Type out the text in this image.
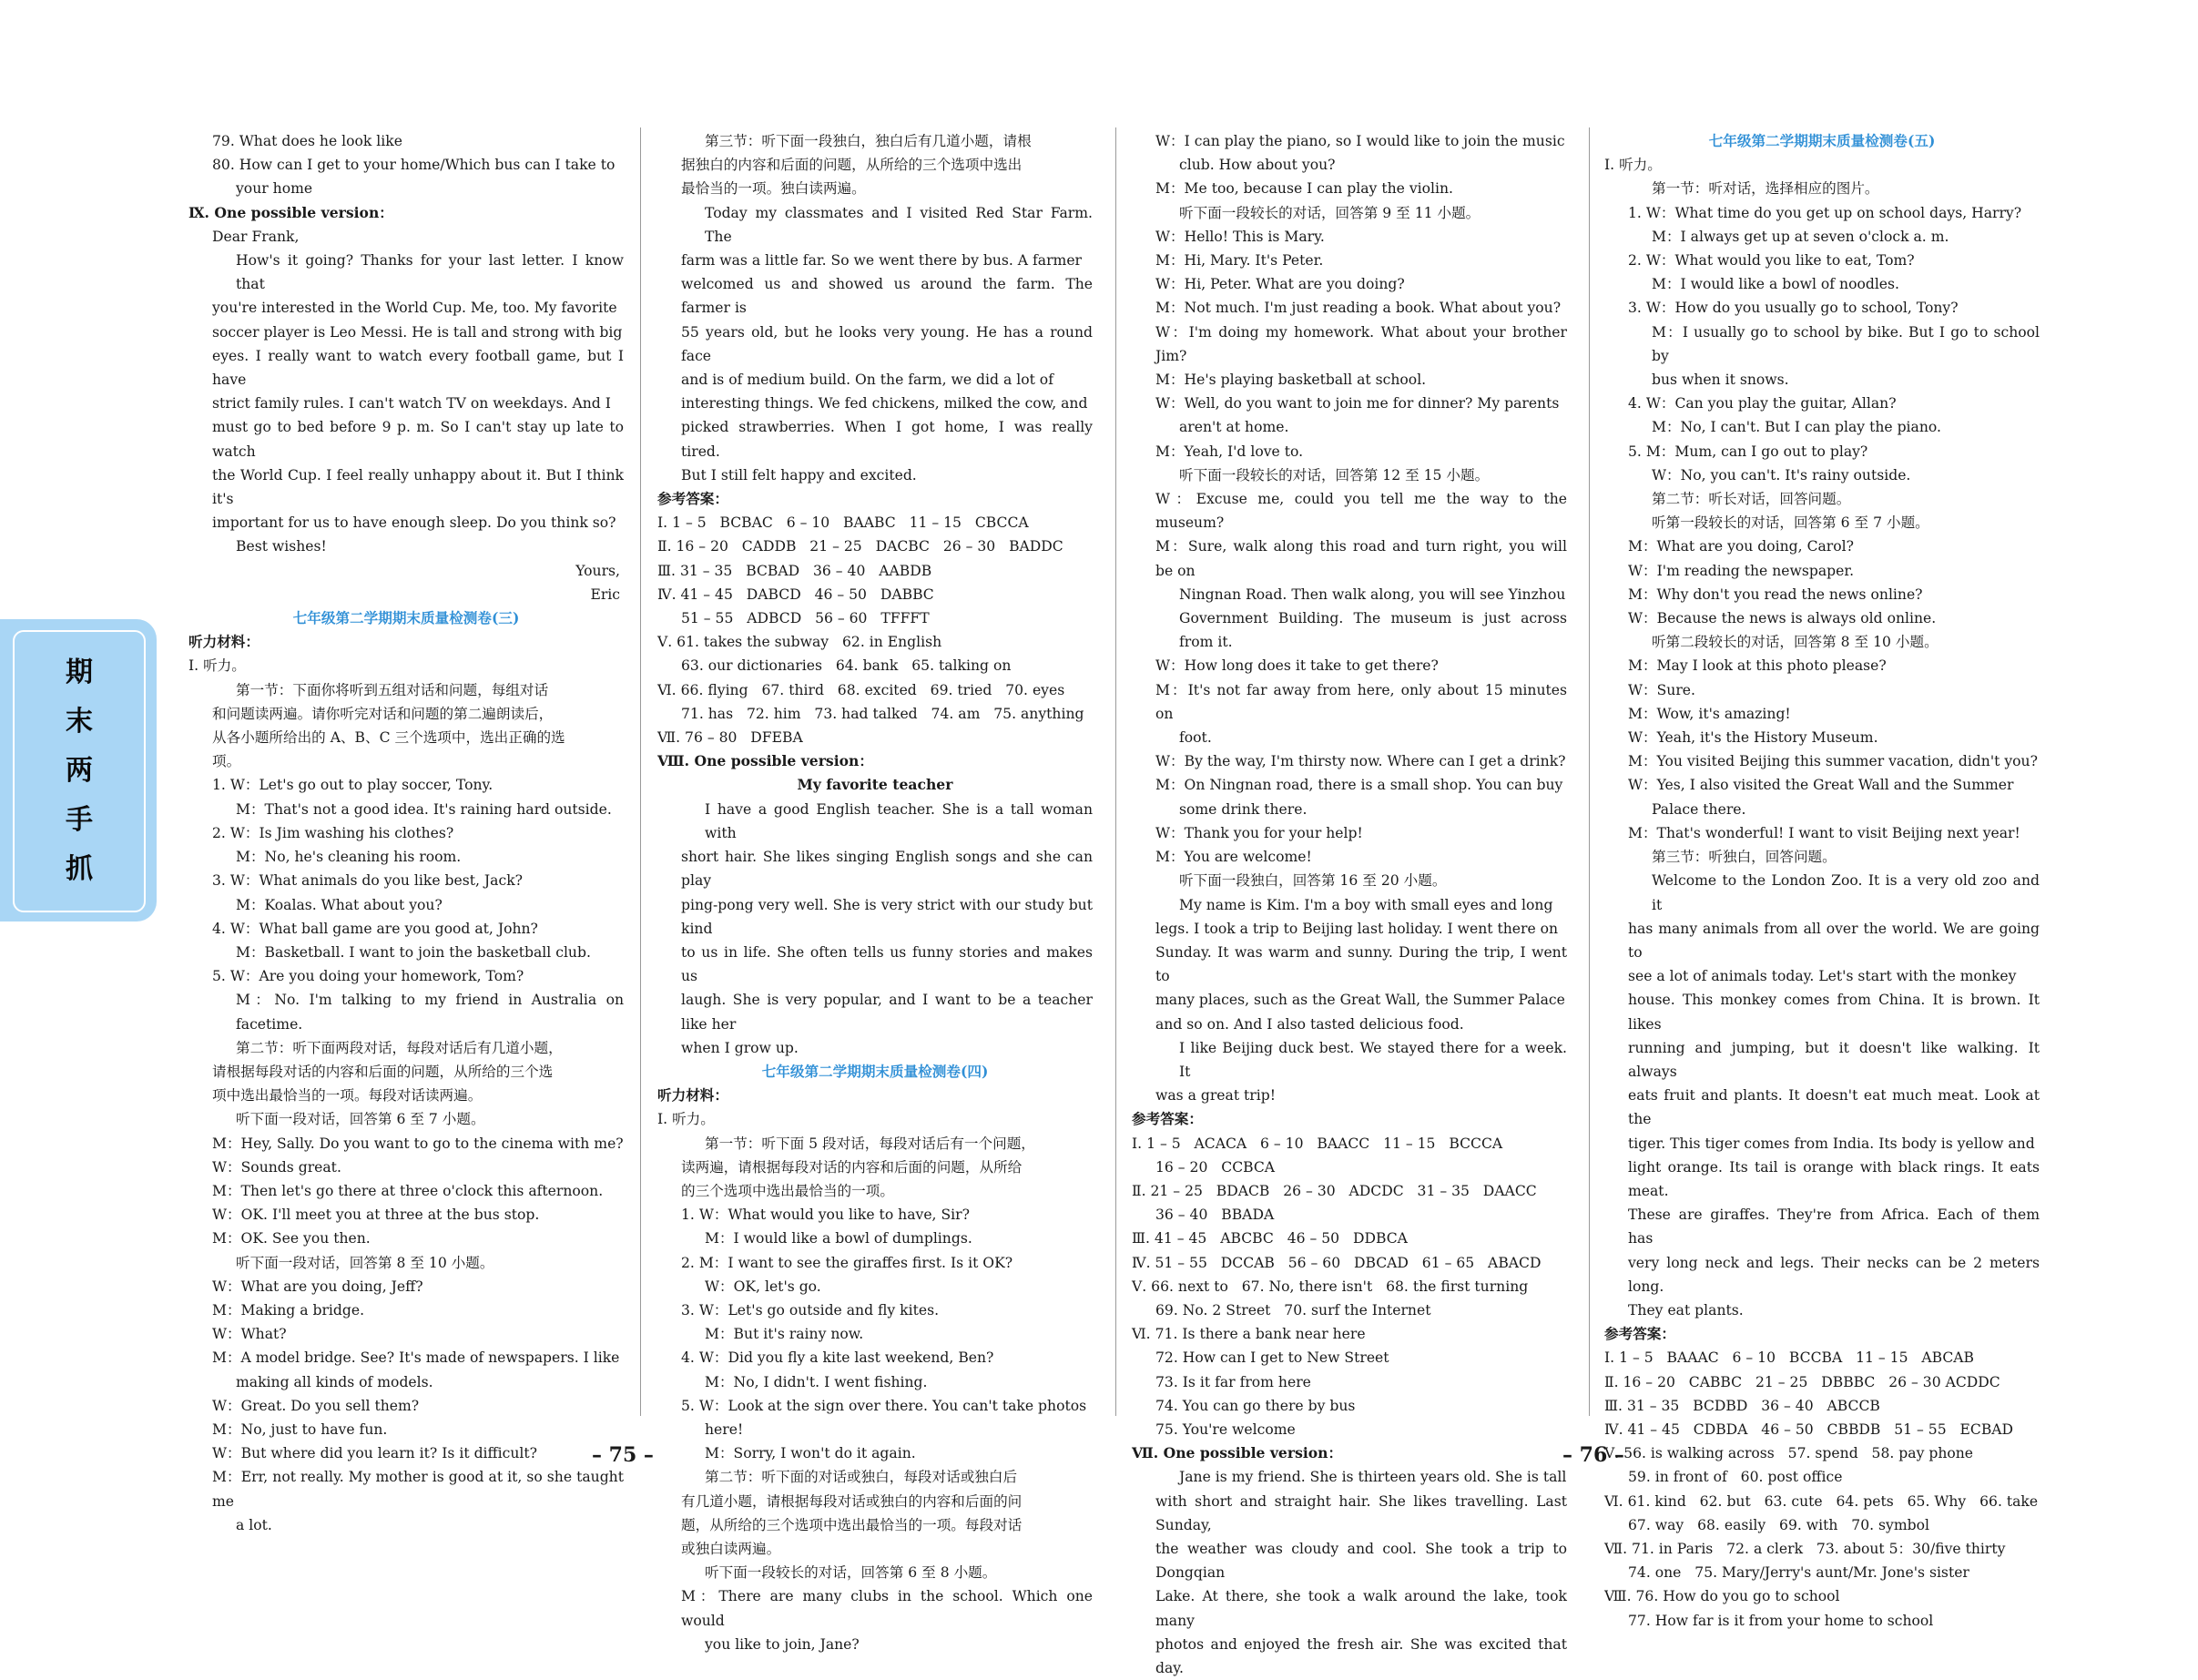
期
末
两
手
抓
79. What does he look like
80. How can I get to your home/Which bus can I take to
your home
Ⅸ. One possible version：
Dear Frank,
How's it going? Thanks for your last letter. I know that
you're interested in the World Cup. Me, too. My favorite
soccer player is Leo Messi. He is tall and strong with big
eyes. I really want to watch every football game, but I have
strict family rules. I can't watch TV on weekdays. And I
must go to bed before 9 p. m. So I can't stay up late to watch
the World Cup. I feel really unhappy about it. But I think it's
important for us to have enough sleep. Do you think so?
Best wishes!
Yours,
Eric
七年级第二学期期末质量检测卷(三)
听力材料：
Ⅰ. 听力。
第一节：下面你将听到五组对话和问题，每组对话
和问题读两遍。请你听完对话和问题的第二遍朗读后，
从各小题所给出的 A、B、C 三个选项中，选出正确的选
项。
1. W：Let's go out to play soccer, Tony.
M：That's not a good idea. It's raining hard outside.
2. W：Is Jim washing his clothes?
M：No, he's cleaning his room.
3. W：What animals do you like best, Jack?
M：Koalas. What about you?
4. W：What ball game are you good at, John?
M：Basketball. I want to join the basketball club.
5. W：Are you doing your homework, Tom?
M：No. I'm talking to my friend in Australia on facetime.
第二节：听下面两段对话，每段对话后有几道小题，
请根据每段对话的内容和后面的问题，从所给的三个选
项中选出最恰当的一项。每段对话读两遍。
听下面一段对话，回答第 6 至 7 小题。
M：Hey, Sally. Do you want to go to the cinema with me?
W：Sounds great.
M：Then let's go there at three o'clock this afternoon.
W：OK. I'll meet you at three at the bus stop.
M：OK. See you then.
听下面一段对话，回答第 8 至 10 小题。
W：What are you doing, Jeff?
M：Making a bridge.
W：What?
M：A model bridge. See? It's made of newspapers. I like
making all kinds of models.
W：Great. Do you sell them?
M：No, just to have fun.
W：But where did you learn it? Is it difficult?
M：Err, not really. My mother is good at it, so she taught me
a lot.
第三节：听下面一段独白，独白后有几道小题，请根
据独白的内容和后面的问题，从所给的三个选项中选出
最恰当的一项。独白读两遍。
Today my classmates and I visited Red Star Farm. The
farm was a little far. So we went there by bus. A farmer
welcomed us and showed us around the farm. The farmer is
55 years old, but he looks very young. He has a round face
and is of medium build. On the farm, we did a lot of
interesting things. We fed chickens, milked the cow, and
picked strawberries. When I got home, I was really tired.
But I still felt happy and excited.
参考答案：
Ⅰ. 1 – 5   BCBAC   6 – 10   BAABC   11 – 15   CBCCA
Ⅱ. 16 – 20   CADDB   21 – 25   DACBC   26 – 30   BADDC
Ⅲ. 31 – 35   BCBAD   36 – 40   AABDB
Ⅳ. 41 – 45   DABCD   46 – 50   DABBC
51 – 55   ADBCD   56 – 60   TFFFT
Ⅴ. 61. takes the subway   62. in English
63. our dictionaries   64. bank   65. talking on
Ⅵ. 66. flying   67. third   68. excited   69. tried   70. eyes
71. has   72. him   73. had talked   74. am   75. anything
Ⅶ. 76 – 80   DFEBA
Ⅷ. One possible version：
My favorite teacher
I have a good English teacher. She is a tall woman with
short hair. She likes singing English songs and she can play
ping-pong very well. She is very strict with our study but kind
to us in life. She often tells us funny stories and makes us
laugh. She is very popular, and I want to be a teacher like her
when I grow up.
七年级第二学期期末质量检测卷(四)
听力材料：
Ⅰ. 听力。
第一节：听下面 5 段对话，每段对话后有一个问题，
读两遍，请根据每段对话的内容和后面的问题，从所给
的三个选项中选出最恰当的一项。
1. W：What would you like to have, Sir?
M：I would like a bowl of dumplings.
2. M：I want to see the giraffes first. Is it OK?
W：OK, let's go.
3. W：Let's go outside and fly kites.
M：But it's rainy now.
4. W：Did you fly a kite last weekend, Ben?
M：No, I didn't. I went fishing.
5. W：Look at the sign over there. You can't take photos
here!
M：Sorry, I won't do it again.
第二节：听下面的对话或独白，每段对话或独白后
有几道小题，请根据每段对话或独白的内容和后面的问
题，从所给的三个选项中选出最恰当的一项。每段对话
或独白读两遍。
听下面一段较长的对话，回答第 6 至 8 小题。
M：There are many clubs in the school. Which one would
you like to join, Jane?
W：I can play the piano, so I would like to join the music
club. How about you?
M：Me too, because I can play the violin.
听下面一段较长的对话，回答第 9 至 11 小题。
W：Hello! This is Mary.
M：Hi, Mary. It's Peter.
W：Hi, Peter. What are you doing?
M：Not much. I'm just reading a book. What about you?
W：I'm doing my homework. What about your brother Jim?
M：He's playing basketball at school.
W：Well, do you want to join me for dinner? My parents
aren't at home.
M：Yeah, I'd love to.
听下面一段较长的对话，回答第 12 至 15 小题。
W：Excuse me, could you tell me the way to the museum?
M：Sure, walk along this road and turn right, you will be on
Ningnan Road. Then walk along, you will see Yinzhou
Government Building. The museum is just across from it.
W：How long does it take to get there?
M：It's not far away from here, only about 15 minutes on
foot.
W：By the way, I'm thirsty now. Where can I get a drink?
M：On Ningnan road, there is a small shop. You can buy
some drink there.
W：Thank you for your help!
M：You are welcome!
听下面一段独白，回答第 16 至 20 小题。
My name is Kim. I'm a boy with small eyes and long
legs. I took a trip to Beijing last holiday. I went there on
Sunday. It was warm and sunny. During the trip, I went to
many places, such as the Great Wall, the Summer Palace
and so on. And I also tasted delicious food.
I like Beijing duck best. We stayed there for a week. It
was a great trip!
参考答案：
Ⅰ. 1 – 5   ACACA   6 – 10   BAACC   11 – 15   BCCCA
16 – 20   CCBCA
Ⅱ. 21 – 25   BDACB   26 – 30   ADCDC   31 – 35   DAACC
36 – 40   BBADA
Ⅲ. 41 – 45   ABCBC   46 – 50   DDBCA
Ⅳ. 51 – 55   DCCAB   56 – 60   DBCAD   61 – 65   ABACD
Ⅴ. 66. next to   67. No, there isn't   68. the first turning
69. No. 2 Street   70. surf the Internet
Ⅵ. 71. Is there a bank near here
72. How can I get to New Street
73. Is it far from here
74. You can go there by bus
75. You're welcome
Ⅶ. One possible version：
Jane is my friend. She is thirteen years old. She is tall
with short and straight hair. She likes travelling. Last Sunday,
the weather was cloudy and cool. She took a trip to Dongqian
Lake. At there, she took a walk around the lake, took many
photos and enjoyed the fresh air. She was excited that day.
七年级第二学期期末质量检测卷(五)
Ⅰ. 听力。
第一节：听对话，选择相应的图片。
1. W：What time do you get up on school days, Harry?
M：I always get up at seven o'clock a. m.
2. W：What would you like to eat, Tom?
M：I would like a bowl of noodles.
3. W：How do you usually go to school, Tony?
M：I usually go to school by bike. But I go to school by
bus when it snows.
4. W：Can you play the guitar, Allan?
M：No, I can't. But I can play the piano.
5. M：Mum, can I go out to play?
W：No, you can't. It's rainy outside.
第二节：听长对话，回答问题。
听第一段较长的对话，回答第 6 至 7 小题。
M：What are you doing, Carol?
W：I'm reading the newspaper.
M：Why don't you read the news online?
W：Because the news is always old online.
听第二段较长的对话，回答第 8 至 10 小题。
M：May I look at this photo please?
W：Sure.
M：Wow, it's amazing!
W：Yeah, it's the History Museum.
M：You visited Beijing this summer vacation, didn't you?
W：Yes, I also visited the Great Wall and the Summer
Palace there.
M：That's wonderful! I want to visit Beijing next year!
第三节：听独白，回答问题。
Welcome to the London Zoo. It is a very old zoo and it
has many animals from all over the world. We are going to
see a lot of animals today. Let's start with the monkey
house. This monkey comes from China. It is brown. It likes
running and jumping, but it doesn't like walking. It always
eats fruit and plants. It doesn't eat much meat. Look at the
tiger. This tiger comes from India. Its body is yellow and
light orange. Its tail is orange with black rings. It eats meat.
These are giraffes. They're from Africa. Each of them has
very long neck and legs. Their necks can be 2 meters long.
They eat plants.
参考答案：
Ⅰ. 1 – 5   BAAAC   6 – 10   BCCBA   11 – 15   ABCAB
Ⅱ. 16 – 20   CABBC   21 – 25   DBBBC   26 – 30 ACDDC
Ⅲ. 31 – 35   BCDBD   36 – 40   ABCCB
Ⅳ. 41 – 45   CDBDA   46 – 50   CBBDB   51 – 55   ECBAD
Ⅴ. 56. is walking across   57. spend   58. pay phone
59. in front of   60. post office
Ⅵ. 61. kind   62. but   63. cute   64. pets   65. Why   66. take
67. way   68. easily   69. with   70. symbol
Ⅶ. 71. in Paris   72. a clerk   73. about 5：30/five thirty
74. one   75. Mary/Jerry's aunt/Mr. Jone's sister
Ⅷ. 76. How do you go to school
77. How far is it from your home to school
– 75 –	– 76 –
